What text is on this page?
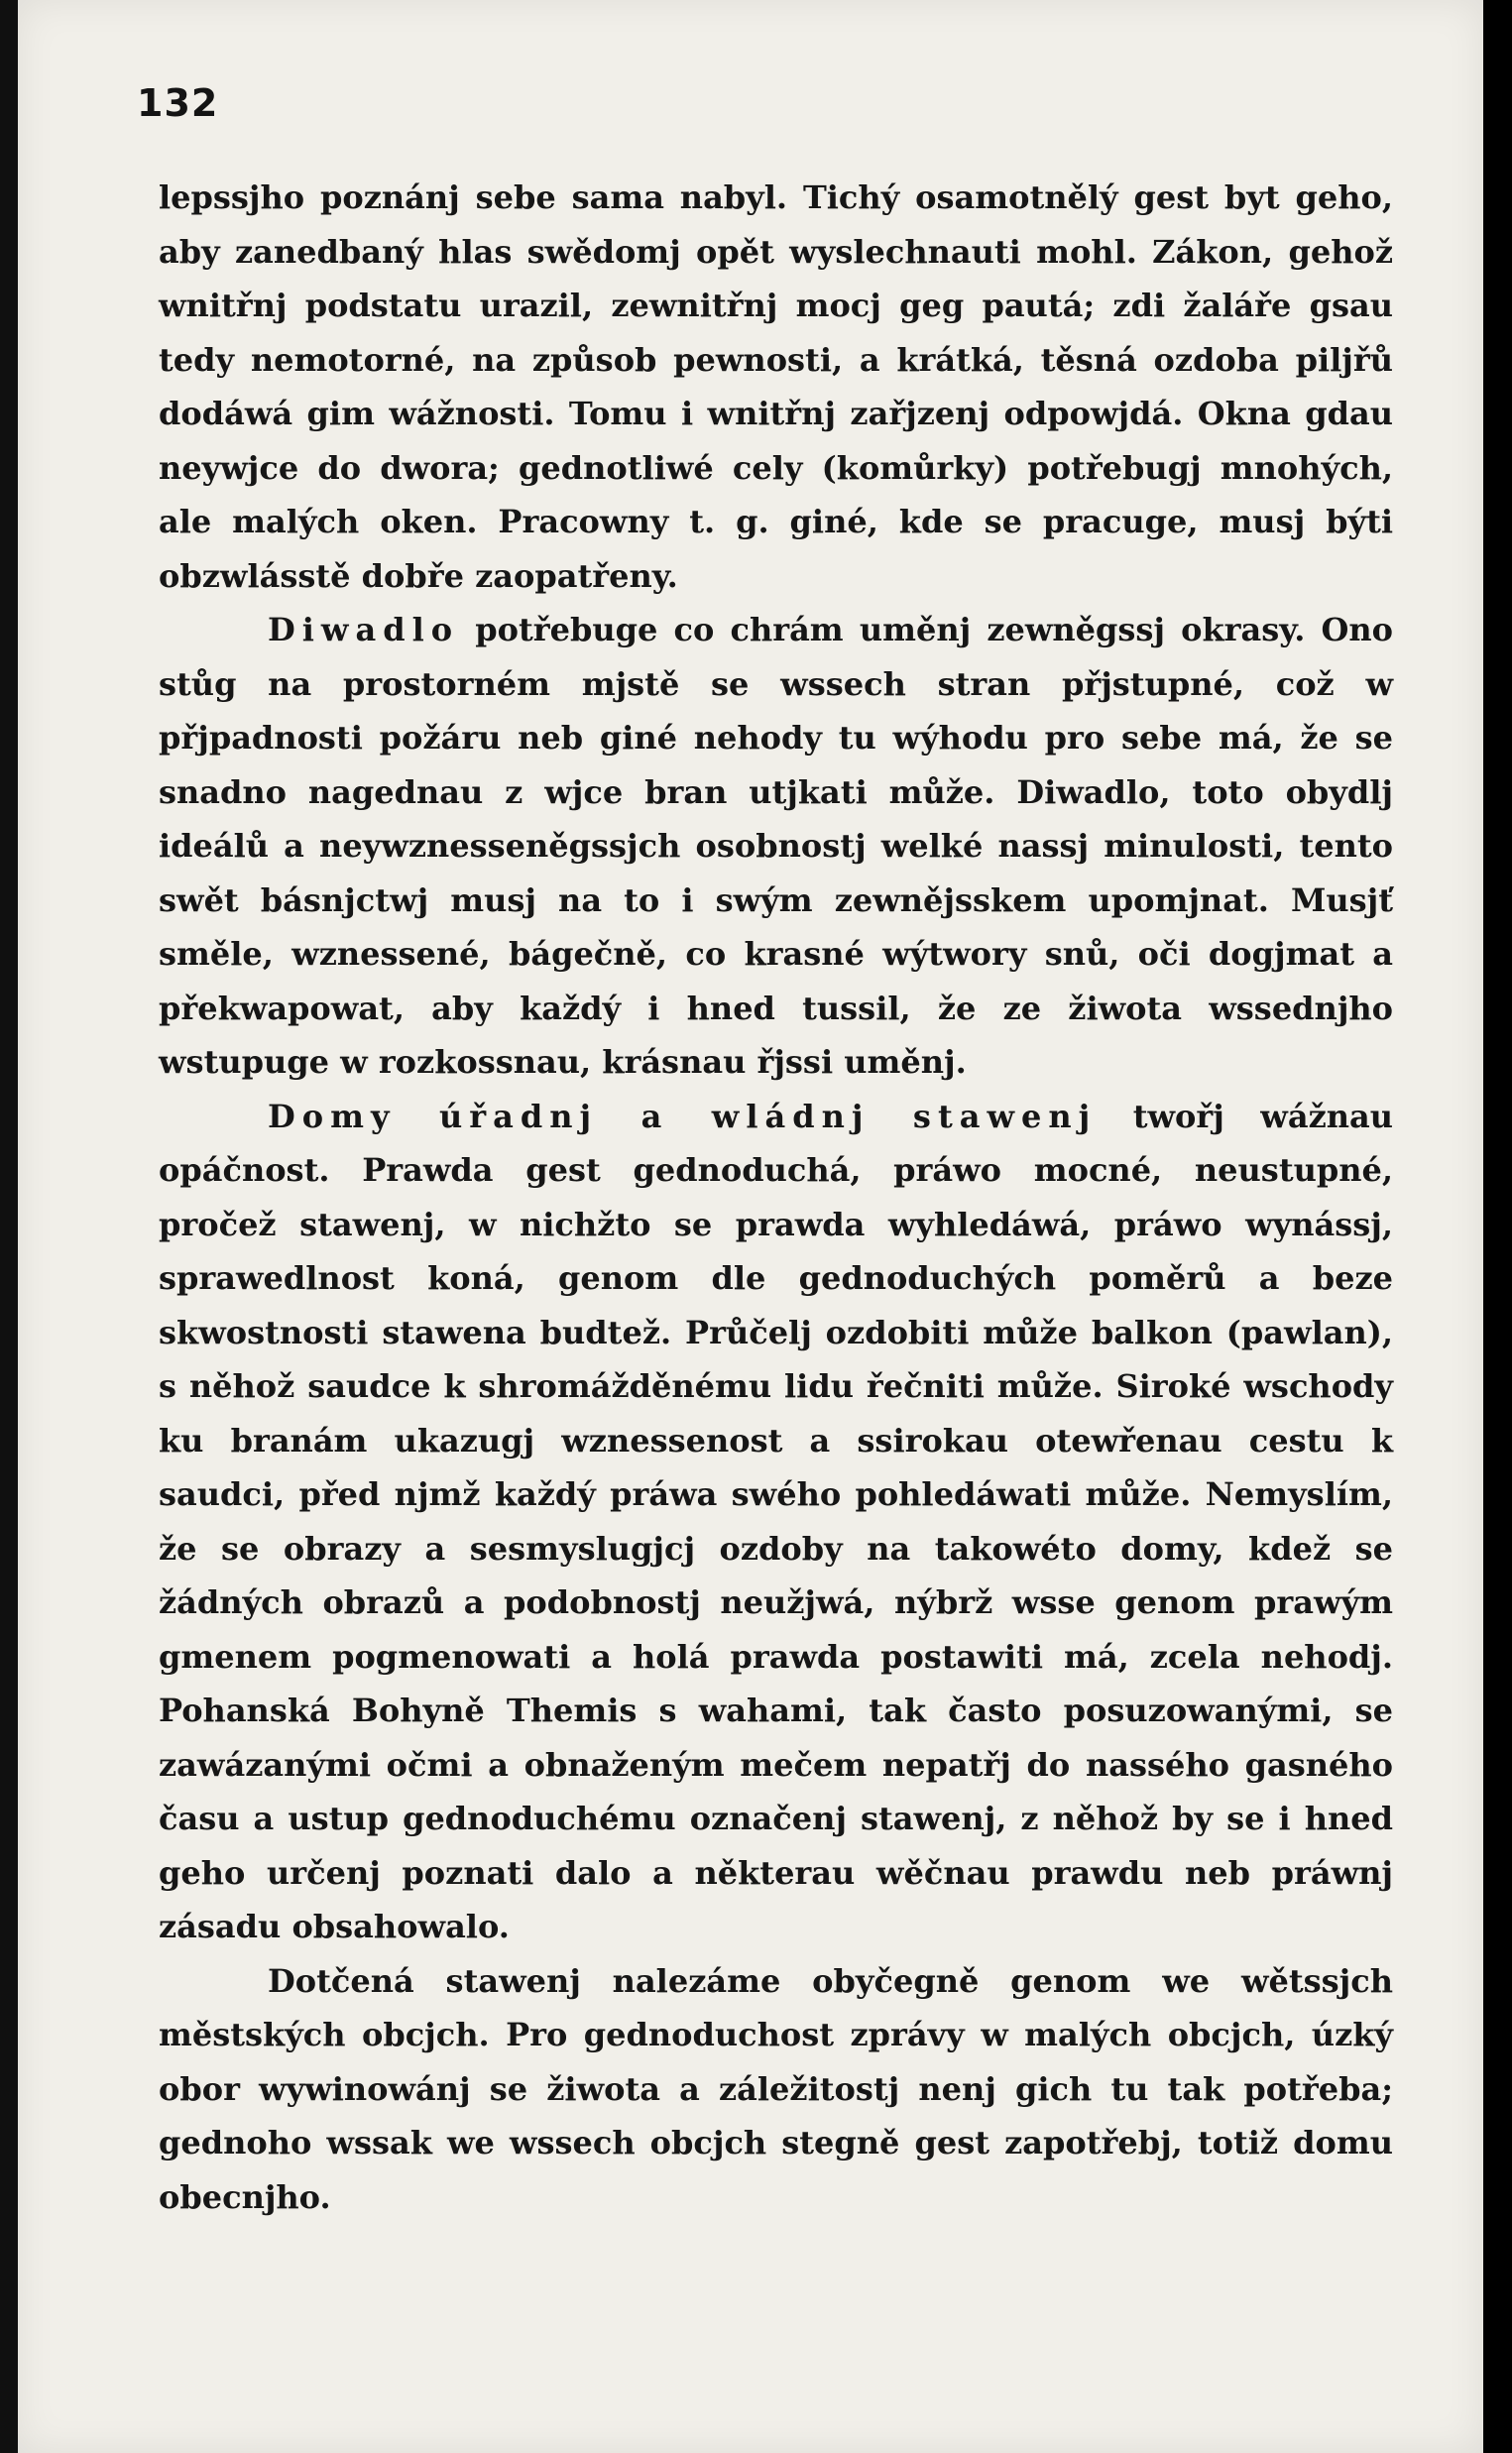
132

lepssjho poznánj sebe sama nabyl. Tichý osamotnělý gest byt geho, aby zanedbaný hlas swědomj opět wyslechnauti mohl. Zákon, gehož wnitřnj podstatu urazil, zewnitřnj mocj geg pautá; zdi žaláře gsau tedy nemotorné, na způsob pewnosti, a krátká, těsná ozdoba piljřů dodáwá gim wážnosti. Tomu i wnitřnj zařjzenj odpowjdá. Okna gdau neywjce do dwora; gednotliwé cely (komůrky) potřebugj mnohých, ale malých oken. Pracowny t. g. giné, kde se pracuge, musj býti obzwlásstě dobře zaopatřeny.

Diwadlo potřebuge co chrám uměnj zewněgssj okrasy. Ono stůg na prostorném mjstě se wssech stran přjstupné, což w přjpadnosti požáru neb giné nehody tu wýhodu pro sebe má, že se snadno nagednau z wjce bran utjkati může. Diwadlo, toto obydlj ideálů a neywznesseněgssjch osobnostj welké nassj minulosti, tento swět básnjctwj musj na to i swým zewnějsskem upomjnat. Musjť směle, wznessené, bágečně, co krasné wýtwory snů, oči dogjmat a překwapowat, aby každý i hned tussil, že ze žiwota wssednjho wstupuge w rozkossnau, krásnau řjssi uměnj.

Domy úřadnj a wládnj stawenj twořj wážnau opáčnost. Prawda gest gednoduchá, práwo mocné, neustupné, pročež stawenj, w nichžto se prawda wyhledáwá, práwo wynássj, sprawedlnost koná, genom dle gednoduchých poměrů a beze skwostnosti stawena budtež. Průčelj ozdobiti může balkon (pawlan), s něhož saudce k shromážděnému lidu řečniti může. Siroké wschody ku branám ukazugj wznessenost a ssirokau otewřenau cestu k saudci, před njmž každý práwa swého pohledáwati může. Nemyslím, že se obrazy a sesmyslugjcj ozdoby na takowéto domy, kdež se žádných obrazů a podobnostj neužjwá, nýbrž wsse genom prawým gmenem pogmenowati a holá prawda postawiti má, zcela nehodj. Pohanská Bohyně Themis s wahami, tak často posuzowanými, se zawázanými očmi a obnaženým mečem nepatřj do nassého gasného času a ustup gednoduchému označenj stawenj, z něhož by se i hned geho určenj poznati dalo a některau wěčnau prawdu neb práwnj zásadu obsahowalo.

Dotčená stawenj nalezáme obyčegně genom we wětssjch městských obcjch. Pro gednoduchost zprávy w malých obcjch, úzký obor wywinowánj se žiwota a záležitostj nenj gich tu tak potřeba; gednoho wssak we wssech obcjch stegně gest zapotřebj, totiž domu obecnjho.
